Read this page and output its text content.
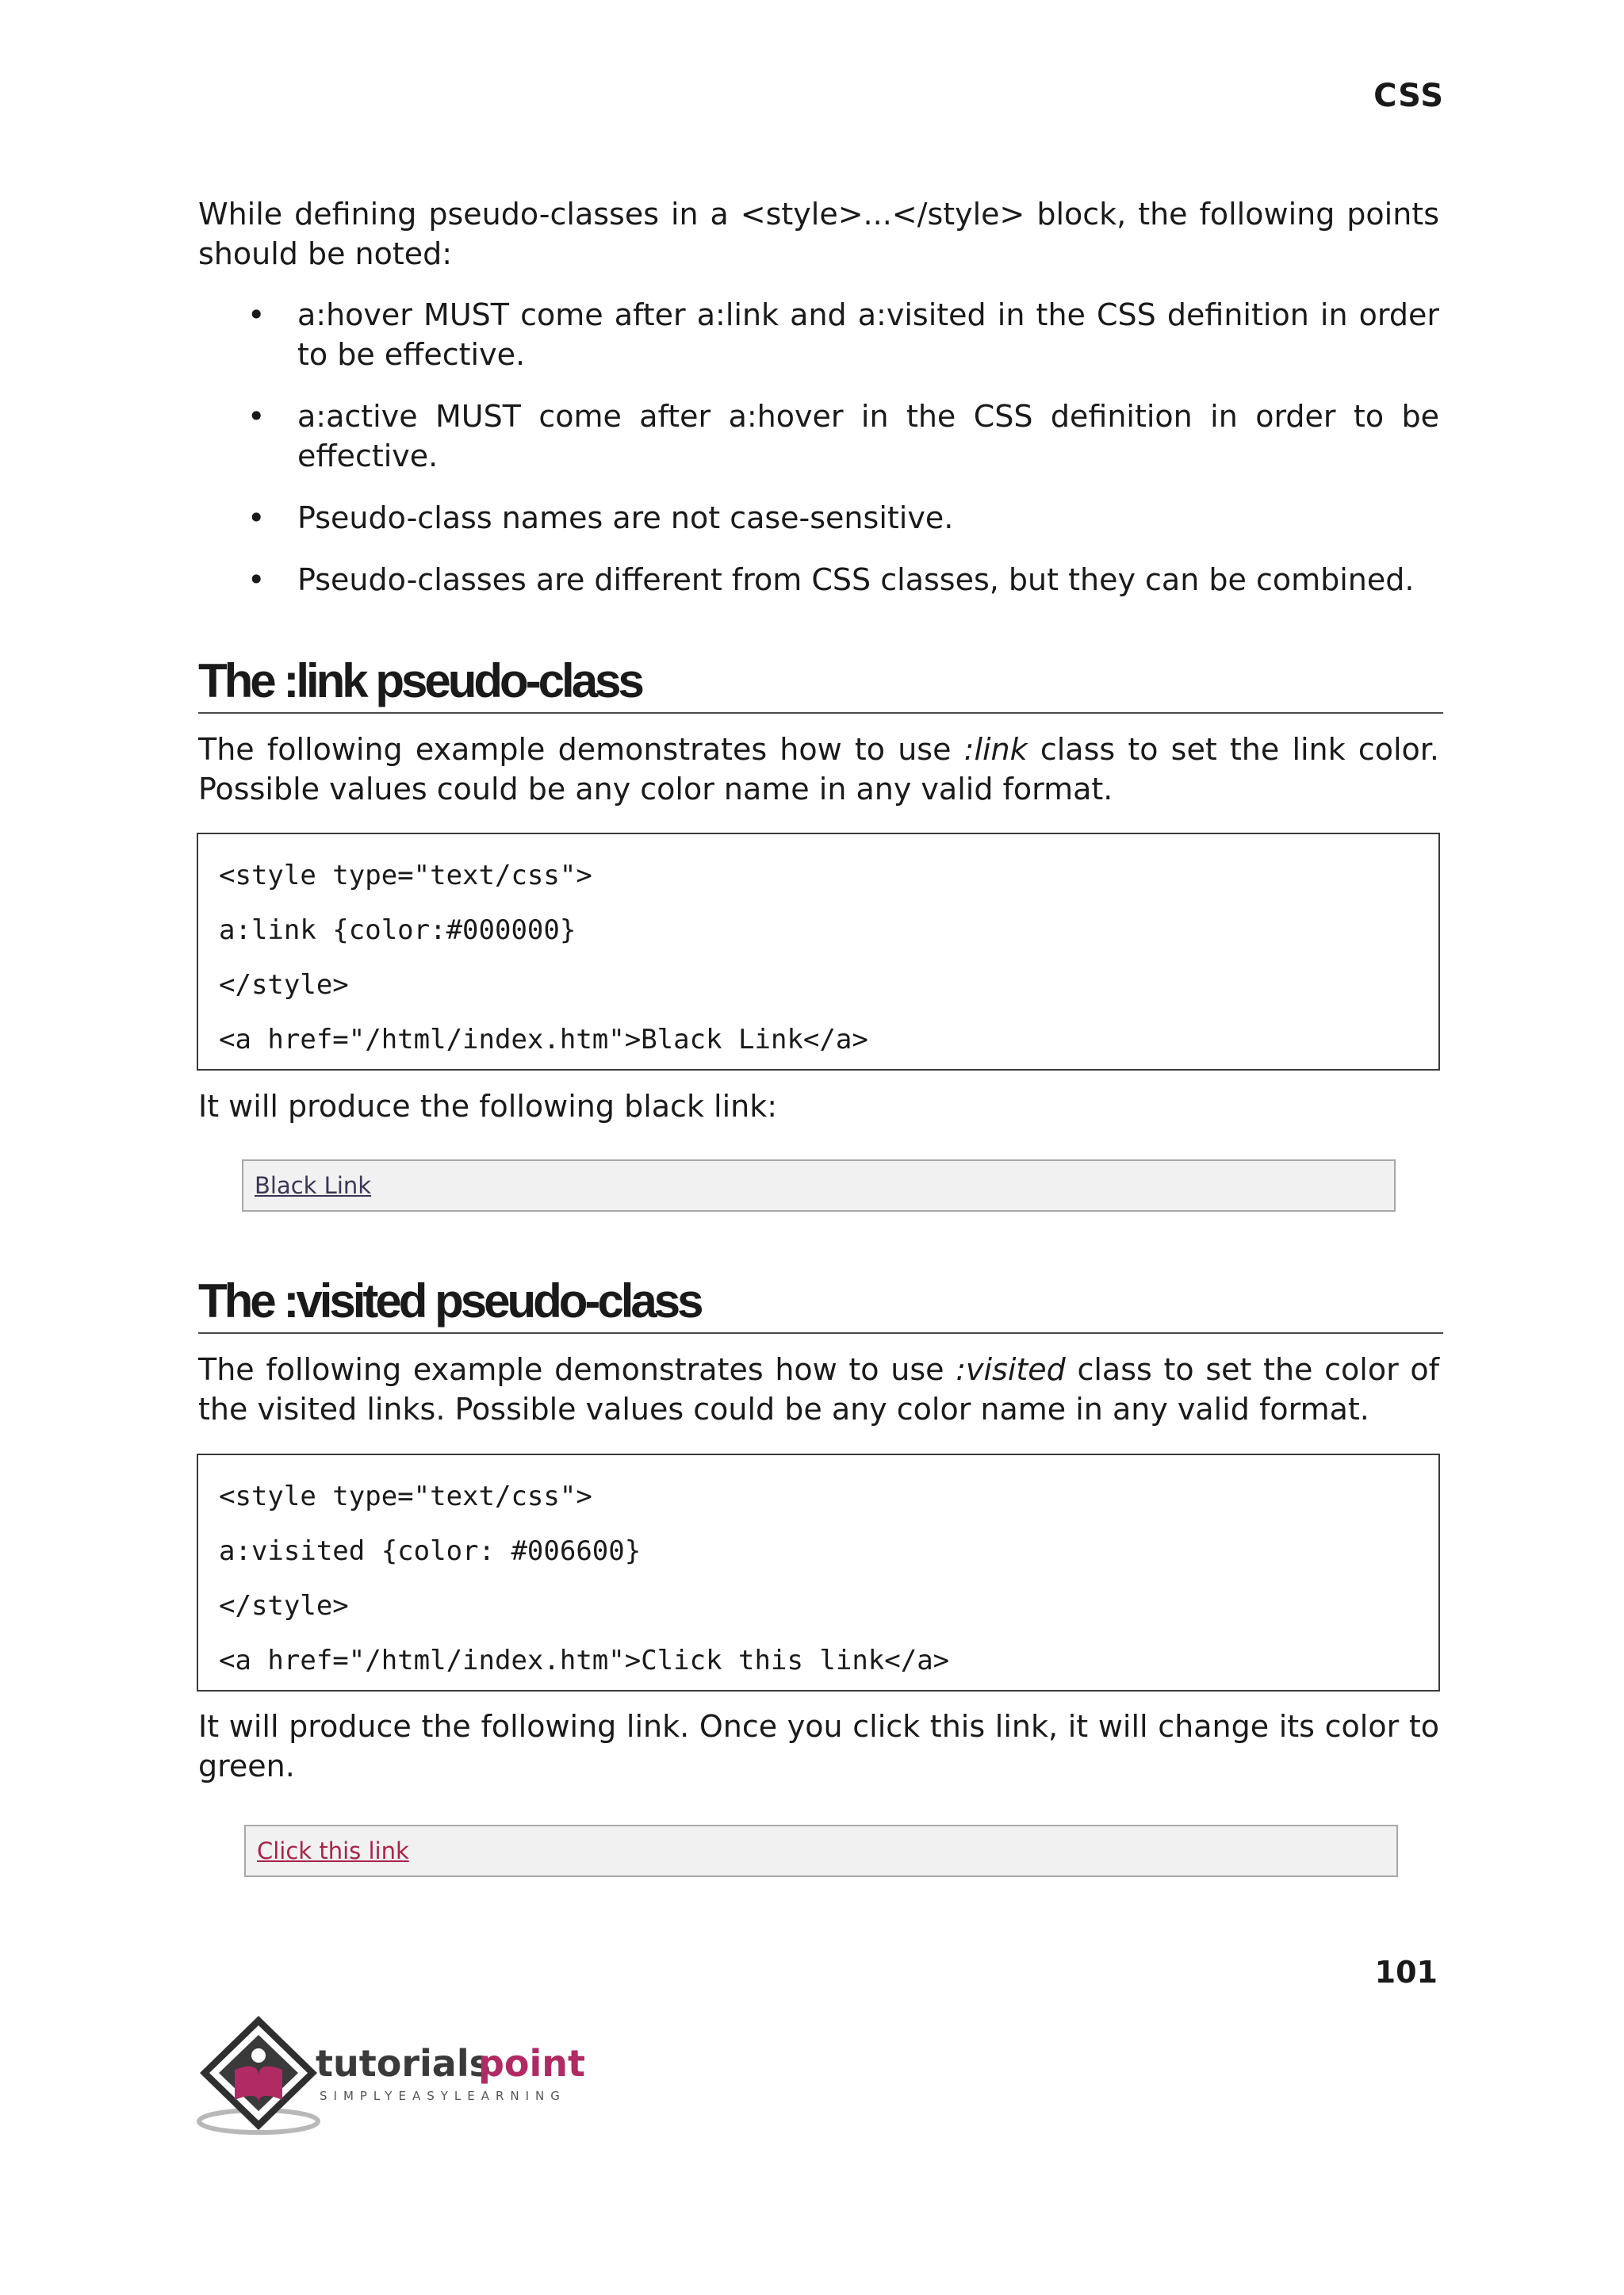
CSS

While defining pseudo-classes in a <style>...</style> block, the following points should be noted:

• a:hover MUST come after a:link and a:visited in the CSS definition in order to be effective.
• a:active MUST come after a:hover in the CSS definition in order to be effective.
• Pseudo-class names are not case-sensitive.
• Pseudo-classes are different from CSS classes, but they can be combined.
The :link pseudo-class

The following example demonstrates how to use :link class to set the link color. Possible values could be any color name in any valid format.

<style type="text/css">
a:link {color:#000000}
</style>
<a href="/html/index.htm">Black Link</a>

It will produce the following black link:

Black Link
The :visited pseudo-class

The following example demonstrates how to use :visited class to set the color of the visited links. Possible values could be any color name in any valid format.

<style type="text/css">
a:visited {color: #006600}
</style>
<a href="/html/index.htm">Click this link</a>

It will produce the following link. Once you click this link, it will change its color to green.

Click this link
101
tutorials
point
SIMPLYEASYLEARNING
